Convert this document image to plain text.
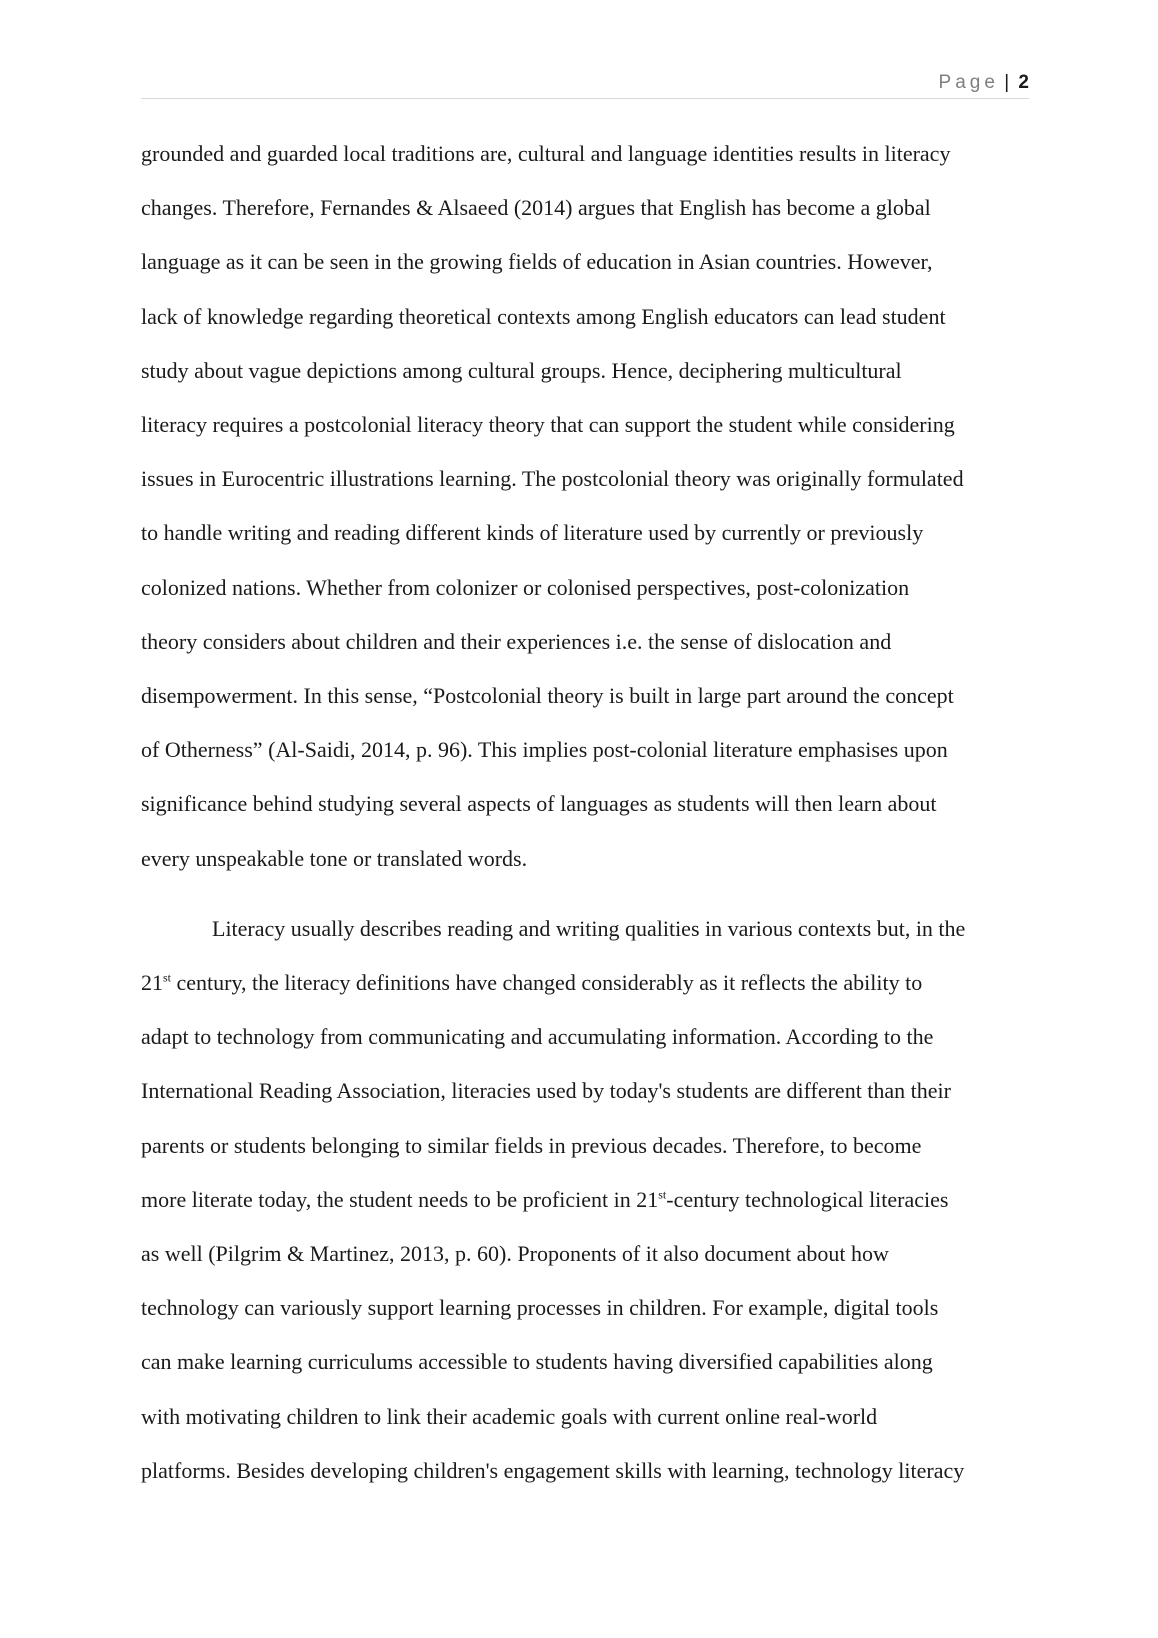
Page | 2
grounded and guarded local traditions are, cultural and language identities results in literacy
changes. Therefore, Fernandes & Alsaeed (2014) argues that English has become a global
language as it can be seen in the growing fields of education in Asian countries. However,
lack of knowledge regarding theoretical contexts among English educators can lead student
study about vague depictions among cultural groups. Hence, deciphering multicultural
literacy requires a postcolonial literacy theory that can support the student while considering
issues in Eurocentric illustrations learning. The postcolonial theory was originally formulated
to handle writing and reading different kinds of literature used by currently or previously
colonized nations. Whether from colonizer or colonised perspectives, post-colonization
theory considers about children and their experiences i.e. the sense of dislocation and
disempowerment. In this sense, “Postcolonial theory is built in large part around the concept
of Otherness” (Al-Saidi, 2014, p. 96). This implies post-colonial literature emphasises upon
significance behind studying several aspects of languages as students will then learn about
every unspeakable tone or translated words.
Literacy usually describes reading and writing qualities in various contexts but, in the
21st century, the literacy definitions have changed considerably as it reflects the ability to
adapt to technology from communicating and accumulating information. According to the
International Reading Association, literacies used by today's students are different than their
parents or students belonging to similar fields in previous decades. Therefore, to become
more literate today, the student needs to be proficient in 21st-century technological literacies
as well (Pilgrim & Martinez, 2013, p. 60). Proponents of it also document about how
technology can variously support learning processes in children. For example, digital tools
can make learning curriculums accessible to students having diversified capabilities along
with motivating children to link their academic goals with current online real-world
platforms. Besides developing children's engagement skills with learning, technology literacy
